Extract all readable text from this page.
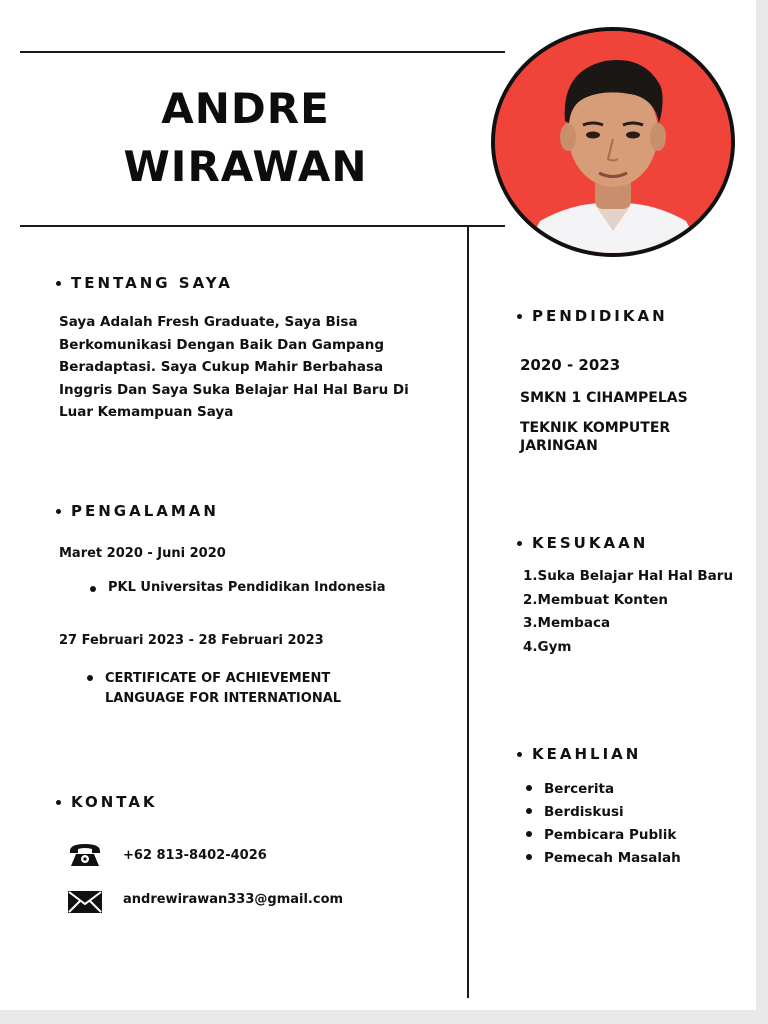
ANDRE
WIRAWAN
TENTANG SAYA
Saya Adalah Fresh Graduate, Saya Bisa Berkomunikasi Dengan Baik Dan Gampang Beradaptasi. Saya Cukup Mahir Berbahasa Inggris Dan Saya Suka Belajar Hal Hal Baru Di Luar Kemampuan Saya
PENGALAMAN
Maret 2020 - Juni 2020
PKL Universitas Pendidikan Indonesia
27 Februari 2023 - 28 Februari 2023
CERTIFICATE OF ACHIEVEMENT
LANGUAGE FOR INTERNATIONAL
KONTAK
+62 813-8402-4026
andrewirawan333@gmail.com
PENDIDIKAN
2020 - 2023
SMKN 1 CIHAMPELAS
TEKNIK KOMPUTER
JARINGAN
KESUKAAN
1.Suka Belajar Hal Hal Baru
2.Membuat Konten
3.Membaca
4.Gym
KEAHLIAN
Bercerita
Berdiskusi
Pembicara Publik
Pemecah Masalah
